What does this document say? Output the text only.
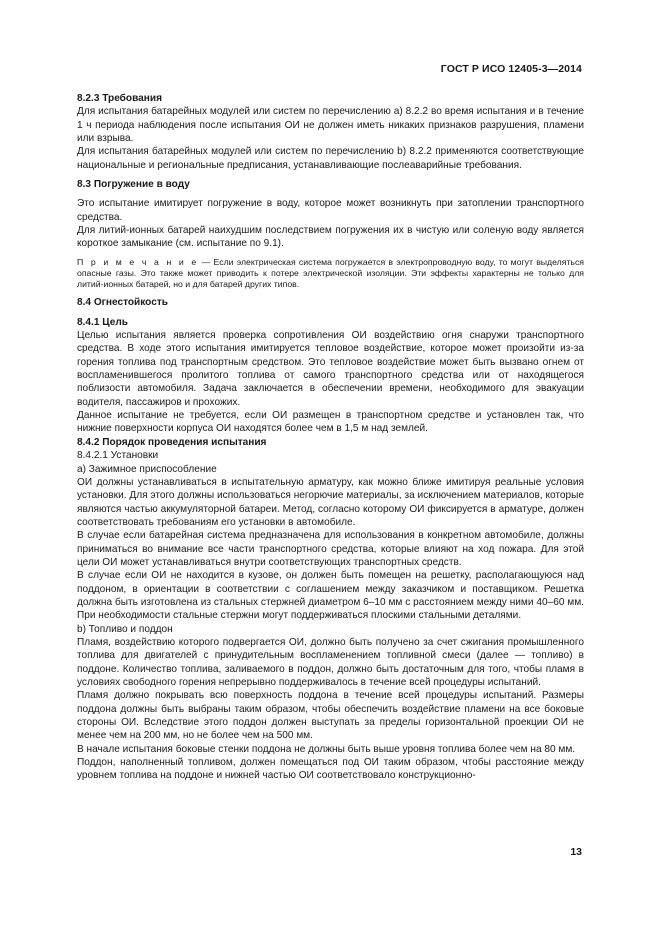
ГОСТ Р ИСО 12405-3—2014

8.2.3 Требования

Для испытания батарейных модулей или систем по перечислению a) 8.2.2 во время испытания и в течение 1 ч периода наблюдения после испытания ОИ не должен иметь никаких признаков разрушения, пламени или взрыва.

Для испытания батарейных модулей или систем по перечислению b) 8.2.2 применяются соответствующие национальные и региональные предписания, устанавливающие послеаварийные требования.

8.3 Погружение в воду

Это испытание имитирует погружение в воду, которое может возникнуть при затоплении транспортного средства.

Для литий-ионных батарей наихудшим последствием погружения их в чистую или соленую воду является короткое замыкание (см. испытание по 9.1).

П р и м е ч а н и е — Если электрическая система погружается в электропроводную воду, то могут выделяться опасные газы. Это также может приводить к потере электрической изоляции. Эти эффекты характерны не только для литий-ионных батарей, но и для батарей других типов.

8.4 Огнестойкость

8.4.1 Цель

Целью испытания является проверка сопротивления ОИ воздействию огня снаружи транспортного средства. В ходе этого испытания имитируется тепловое воздействие, которое может произойти из-за горения топлива под транспортным средством. Это тепловое воздействие может быть вызвано огнем от воспламенившегося пролитого топлива от самого транспортного средства или от находящегося поблизости автомобиля. Задача заключается в обеспечении времени, необходимого для эвакуации водителя, пассажиров и прохожих.

Данное испытание не требуется, если ОИ размещен в транспортном средстве и установлен так, что нижние поверхности корпуса ОИ находятся более чем в 1,5 м над землей.

8.4.2 Порядок проведения испытания

8.4.2.1 Установки

а) Зажимное приспособление

ОИ должны устанавливаться в испытательную арматуру, как можно ближе имитируя реальные условия установки. Для этого должны использоваться негорючие материалы, за исключением материалов, которые являются частью аккумуляторной батареи. Метод, согласно которому ОИ фиксируется в арматуре, должен соответствовать требованиям его установки в автомобиле.

В случае если батарейная система предназначена для использования в конкретном автомобиле, должны приниматься во внимание все части транспортного средства, которые влияют на ход пожара. Для этой цели ОИ может устанавливаться внутри соответствующих транспортных средств.

В случае если ОИ не находится в кузове, он должен быть помещен на решетку, располагающуюся над поддоном, в ориентации в соответствии с соглашением между заказчиком и поставщиком. Решетка должна быть изготовлена из стальных стержней диаметром 6–10 мм с расстоянием между ними 40–60 мм. При необходимости стальные стержни могут поддерживаться плоскими стальными деталями.

b) Топливо и поддон

Пламя, воздействию которого подвергается ОИ, должно быть получено за счет сжигания промышленного топлива для двигателей с принудительным воспламенением топливной смеси (далее — топливо) в поддоне. Количество топлива, заливаемого в поддон, должно быть достаточным для того, чтобы пламя в условиях свободного горения непрерывно поддерживалось в течение всей процедуры испытаний.

Пламя должно покрывать всю поверхность поддона в течение всей процедуры испытаний. Размеры поддона должны быть выбраны таким образом, чтобы обеспечить воздействие пламени на все боковые стороны ОИ. Вследствие этого поддон должен выступать за пределы горизонтальной проекции ОИ не менее чем на 200 мм, но не более чем на 500 мм.

В начале испытания боковые стенки поддона не должны быть выше уровня топлива более чем на 80 мм.

Поддон, наполненный топливом, должен помещаться под ОИ таким образом, чтобы расстояние между уровнем топлива на поддоне и нижней частью ОИ соответствовало конструкционно-

13
